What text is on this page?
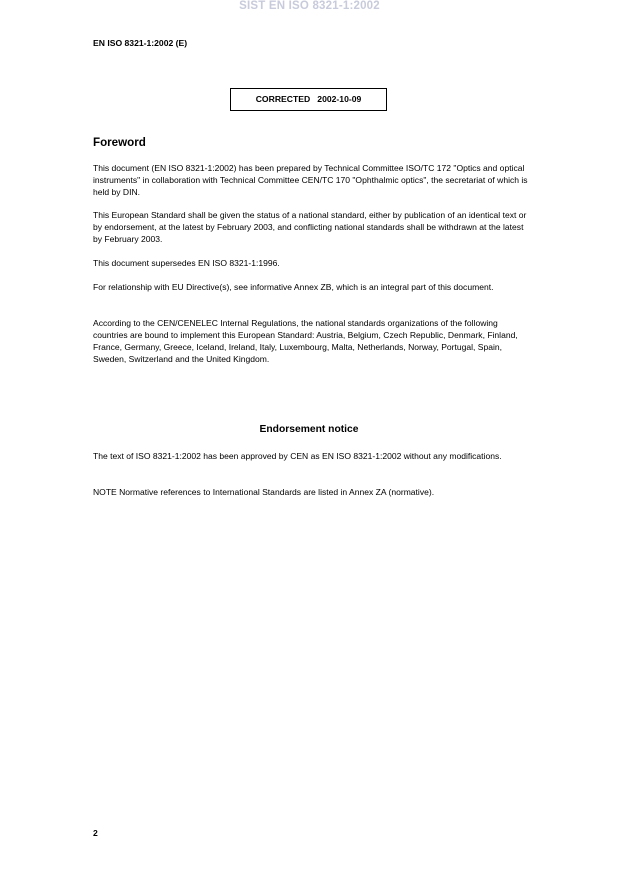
SIST EN ISO 8321-1:2002
EN ISO 8321-1:2002 (E)
CORRECTED   2002-10-09
Foreword

This document (EN ISO 8321-1:2002) has been prepared by Technical Committee ISO/TC 172 "Optics and optical instruments" in collaboration with Technical Committee CEN/TC 170 "Ophthalmic optics", the secretariat of which is held by DIN.

This European Standard shall be given the status of a national standard, either by publication of an identical text or by endorsement, at the latest by February 2003, and conflicting national standards shall be withdrawn at the latest by February 2003.

This document supersedes EN ISO 8321-1:1996.

For relationship with EU Directive(s), see informative Annex ZB, which is an integral part of this document.

According to the CEN/CENELEC Internal Regulations, the national standards organizations of the following countries are bound to implement this European Standard: Austria, Belgium, Czech Republic, Denmark, Finland, France, Germany, Greece, Iceland, Ireland, Italy, Luxembourg, Malta, Netherlands, Norway, Portugal, Spain, Sweden, Switzerland and the United Kingdom.

Endorsement notice

The text of ISO 8321-1:2002 has been approved by CEN as EN ISO 8321-1:2002 without any modifications.

NOTE Normative references to International Standards are listed in Annex ZA (normative).

2
